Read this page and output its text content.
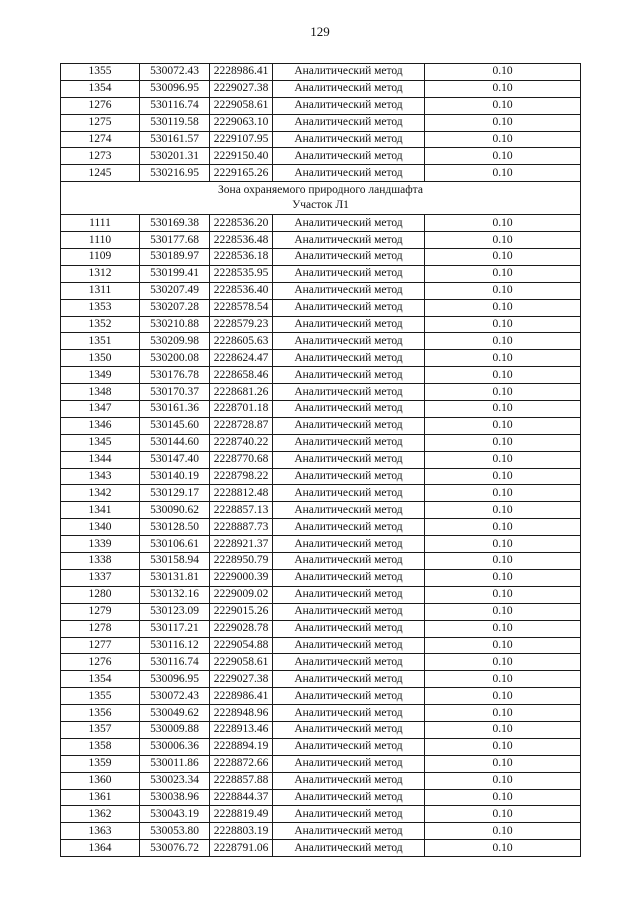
129
1355	530072.43	2228986.41	Аналитический метод	0.10
1354	530096.95	2229027.38	Аналитический метод	0.10
1276	530116.74	2229058.61	Аналитический метод	0.10
1275	530119.58	2229063.10	Аналитический метод	0.10
1274	530161.57	2229107.95	Аналитический метод	0.10
1273	530201.31	2229150.40	Аналитический метод	0.10
1245	530216.95	2229165.26	Аналитический метод	0.10
Зона охраняемого природного ландшафта
Участок Л1				
1111	530169.38	2228536.20	Аналитический метод	0.10
1110	530177.68	2228536.48	Аналитический метод	0.10
1109	530189.97	2228536.18	Аналитический метод	0.10
1312	530199.41	2228535.95	Аналитический метод	0.10
1311	530207.49	2228536.40	Аналитический метод	0.10
1353	530207.28	2228578.54	Аналитический метод	0.10
1352	530210.88	2228579.23	Аналитический метод	0.10
1351	530209.98	2228605.63	Аналитический метод	0.10
1350	530200.08	2228624.47	Аналитический метод	0.10
1349	530176.78	2228658.46	Аналитический метод	0.10
1348	530170.37	2228681.26	Аналитический метод	0.10
1347	530161.36	2228701.18	Аналитический метод	0.10
1346	530145.60	2228728.87	Аналитический метод	0.10
1345	530144.60	2228740.22	Аналитический метод	0.10
1344	530147.40	2228770.68	Аналитический метод	0.10
1343	530140.19	2228798.22	Аналитический метод	0.10
1342	530129.17	2228812.48	Аналитический метод	0.10
1341	530090.62	2228857.13	Аналитический метод	0.10
1340	530128.50	2228887.73	Аналитический метод	0.10
1339	530106.61	2228921.37	Аналитический метод	0.10
1338	530158.94	2228950.79	Аналитический метод	0.10
1337	530131.81	2229000.39	Аналитический метод	0.10
1280	530132.16	2229009.02	Аналитический метод	0.10
1279	530123.09	2229015.26	Аналитический метод	0.10
1278	530117.21	2229028.78	Аналитический метод	0.10
1277	530116.12	2229054.88	Аналитический метод	0.10
1276	530116.74	2229058.61	Аналитический метод	0.10
1354	530096.95	2229027.38	Аналитический метод	0.10
1355	530072.43	2228986.41	Аналитический метод	0.10
1356	530049.62	2228948.96	Аналитический метод	0.10
1357	530009.88	2228913.46	Аналитический метод	0.10
1358	530006.36	2228894.19	Аналитический метод	0.10
1359	530011.86	2228872.66	Аналитический метод	0.10
1360	530023.34	2228857.88	Аналитический метод	0.10
1361	530038.96	2228844.37	Аналитический метод	0.10
1362	530043.19	2228819.49	Аналитический метод	0.10
1363	530053.80	2228803.19	Аналитический метод	0.10
1364	530076.72	2228791.06	Аналитический метод	0.10
